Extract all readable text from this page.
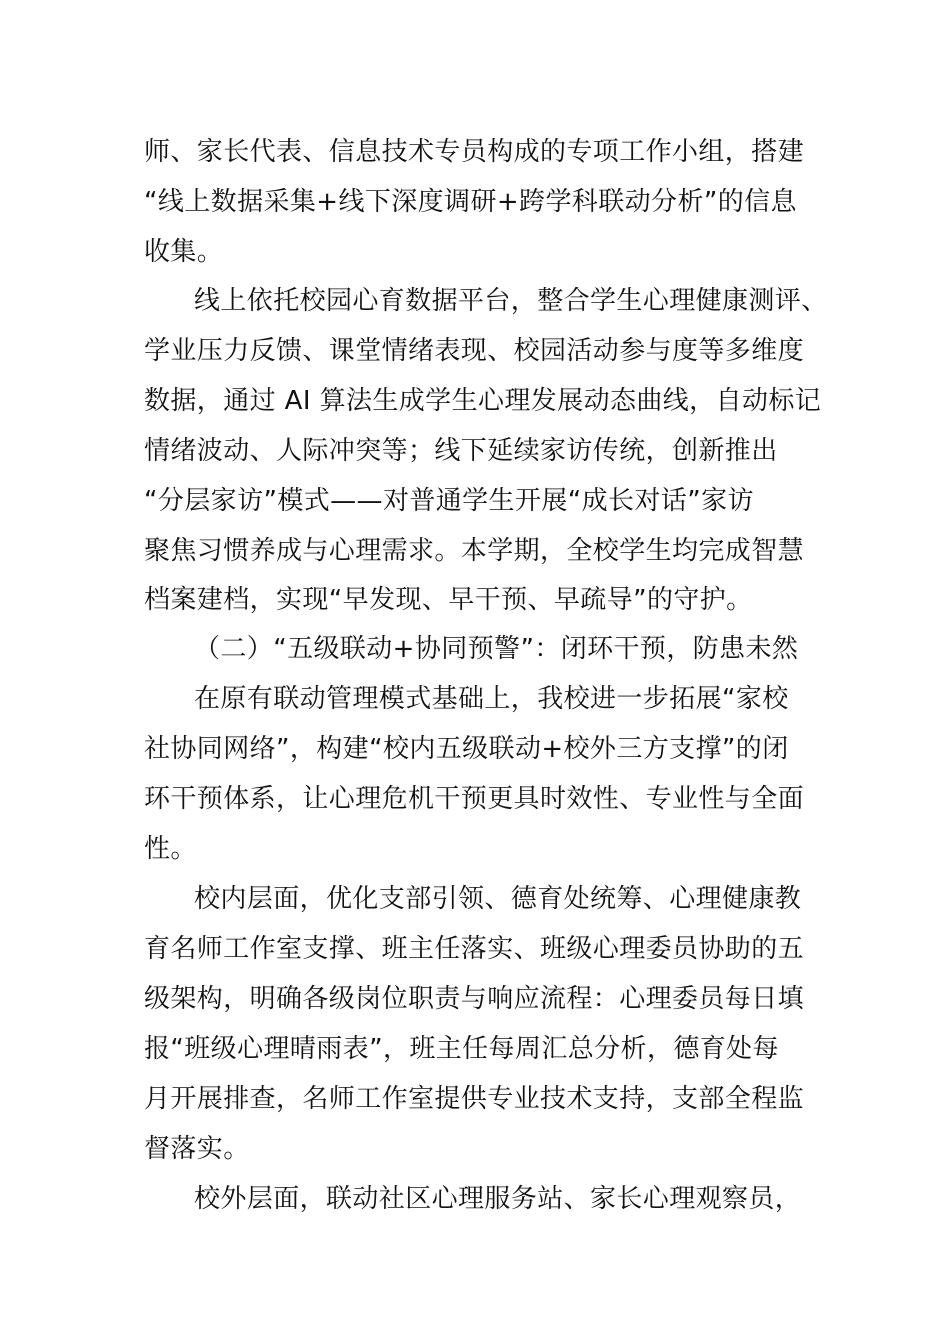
师、家长代表、信息技术专员构成的专项工作小组，搭建
“线上数据采集+线下深度调研+跨学科联动分析”的信息
收集。
线上依托校园心育数据平台，整合学生心理健康测评、
学业压力反馈、课堂情绪表现、校园活动参与度等多维度
数据，通过 AI 算法生成学生心理发展动态曲线，自动标记
情绪波动、人际冲突等；线下延续家访传统，创新推出
“分层家访”模式——对普通学生开展“成长对话”家访
聚焦习惯养成与心理需求。本学期，全校学生均完成智慧
档案建档，实现“早发现、早干预、早疏导”的守护。
（二）“五级联动+协同预警”：闭环干预，防患未然
在原有联动管理模式基础上，我校进一步拓展“家校
社协同网络”，构建“校内五级联动+校外三方支撑”的闭
环干预体系，让心理危机干预更具时效性、专业性与全面
性。
校内层面，优化支部引领、德育处统筹、心理健康教
育名师工作室支撑、班主任落实、班级心理委员协助的五
级架构，明确各级岗位职责与响应流程：心理委员每日填
报“班级心理晴雨表”，班主任每周汇总分析，德育处每
月开展排查，名师工作室提供专业技术支持，支部全程监
督落实。
校外层面，联动社区心理服务站、家长心理观察员，
